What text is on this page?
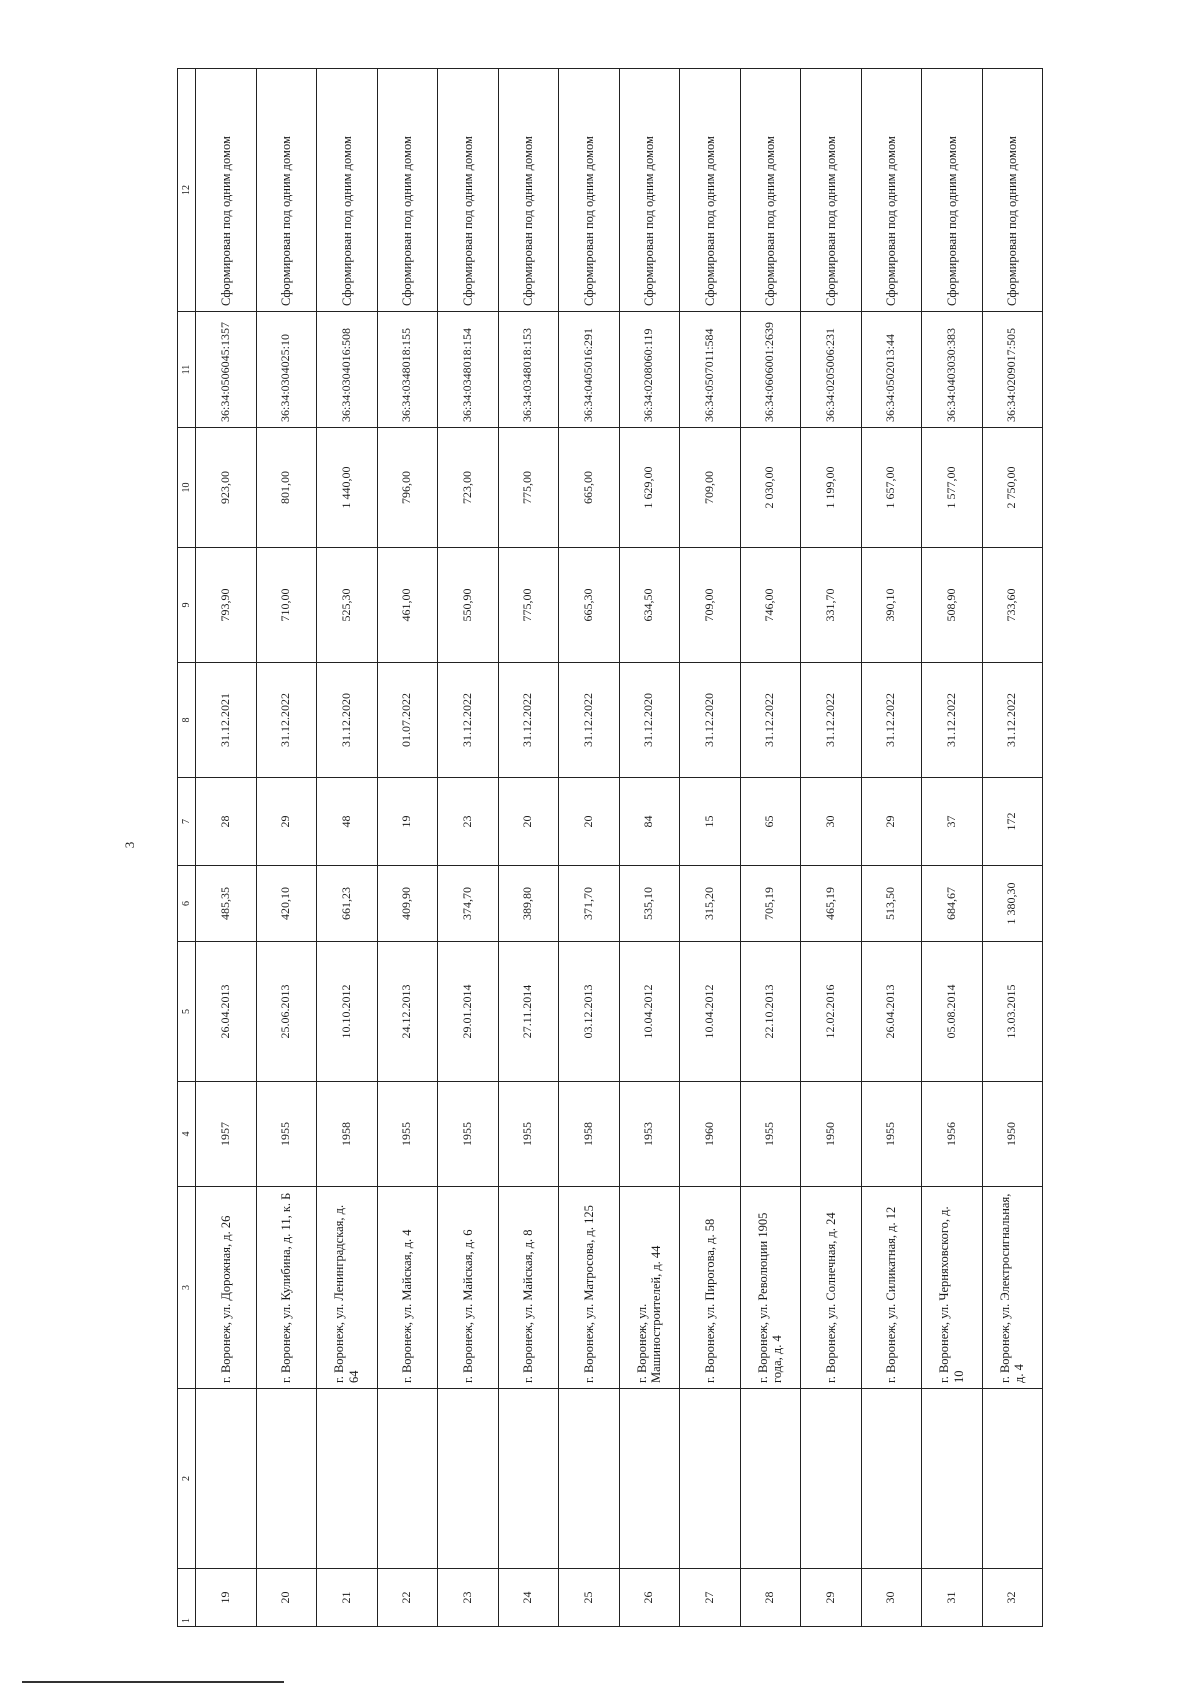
3
1	2	3	4	5	6	7	8	9	10	11	12
19		г. Воронеж, ул. Дорожная, д. 26	1957	26.04.2013	485,35	28	31.12.2021	793,90	923,00	36:34:0506045:1357	Сформирован под одним домом
20		г. Воронеж, ул. Кулибина, д. 11, к. Б	1955	25.06.2013	420,10	29	31.12.2022	710,00	801,00	36:34:0304025:10	Сформирован под одним домом
21		г. Воронеж, ул. Ленинградская, д. 64	1958	10.10.2012	661,23	48	31.12.2020	525,30	1 440,00	36:34:0304016:508	Сформирован под одним домом
22		г. Воронеж, ул. Майская, д. 4	1955	24.12.2013	409,90	19	01.07.2022	461,00	796,00	36:34:0348018:155	Сформирован под одним домом
23		г. Воронеж, ул. Майская, д. 6	1955	29.01.2014	374,70	23	31.12.2022	550,90	723,00	36:34:0348018:154	Сформирован под одним домом
24		г. Воронеж, ул. Майская, д. 8	1955	27.11.2014	389,80	20	31.12.2022	775,00	775,00	36:34:0348018:153	Сформирован под одним домом
25		г. Воронеж, ул. Матросова, д. 125	1958	03.12.2013	371,70	20	31.12.2022	665,30	665,00	36:34:0405016:291	Сформирован под одним домом
26		г. Воронеж, ул. Машиностроителей, д. 44	1953	10.04.2012	535,10	84	31.12.2020	634,50	1 629,00	36:34:0208060:119	Сформирован под одним домом
27		г. Воронеж, ул. Пирогова, д. 58	1960	10.04.2012	315,20	15	31.12.2020	709,00	709,00	36:34:0507011:584	Сформирован под одним домом
28		г. Воронеж, ул. Революции 1905 года, д. 4	1955	22.10.2013	705,19	65	31.12.2022	746,00	2 030,00	36:34:0606001:2639	Сформирован под одним домом
29		г. Воронеж, ул. Солнечная, д. 24	1950	12.02.2016	465,19	30	31.12.2022	331,70	1 199,00	36:34:0205006:231	Сформирован под одним домом
30		г. Воронеж, ул. Силикатная, д. 12	1955	26.04.2013	513,50	29	31.12.2022	390,10	1 657,00	36:34:0502013:44	Сформирован под одним домом
31		г. Воронеж, ул. Черняховского, д. 10	1956	05.08.2014	684,67	37	31.12.2022	508,90	1 577,00	36:34:0403030:383	Сформирован под одним домом
32		г. Воронеж, ул. Электросигнальная, д. 4	1950	13.03.2015	1 380,30	172	31.12.2022	733,60	2 750,00	36:34:0209017:505	Сформирован под одним домом
